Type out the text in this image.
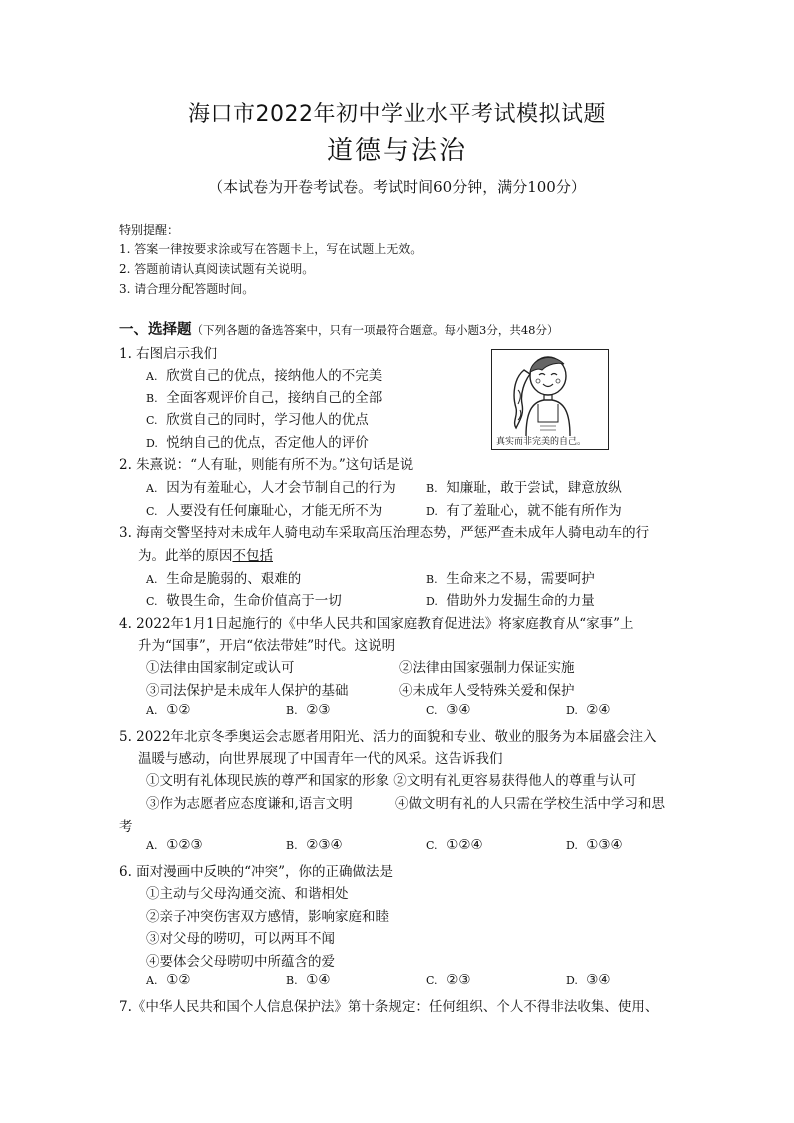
海口市2022年初中学业水平考试模拟试题
道德与法治
（本试卷为开卷考试卷。考试时间60分钟，满分100分）
特别提醒：
1. 答案一律按要求涂或写在答题卡上，写在试题上无效。
2. 答题前请认真阅读试题有关说明。
3. 请合理分配答题时间。
一、选择题（下列各题的备选答案中，只有一项最符合题意。每小题3分，共48分）
真实而非完美的自己。
1. 右图启示我们
A. 欣赏自己的优点，接纳他人的不完美
B. 全面客观评价自己，接纳自己的全部
C. 欣赏自己的同时，学习他人的优点
D. 悦纳自己的优点，否定他人的评价
2. 朱熹说：“人有耻，则能有所不为。”这句话是说
A. 因为有羞耻心，人才会节制自己的行为	B. 知廉耻，敢于尝试，肆意放纵
C. 人要没有任何廉耻心，才能无所不为	D. 有了羞耻心，就不能有所作为
3. 海南交警坚持对未成年人骑电动车采取高压治理态势，严惩严查未成年人骑电动车的行
为。此举的原因不包括
A. 生命是脆弱的、艰难的	B. 生命来之不易，需要呵护
C. 敬畏生命，生命价值高于一切	D. 借助外力发掘生命的力量
4. 2022年1月1日起施行的《中华人民共和国家庭教育促进法》将家庭教育从“家事”上
升为“国事”，开启“依法带娃”时代。这说明
①法律由国家制定或认可	②法律由国家强制力保证实施
③司法保护是未成年人保护的基础	④未成年人受特殊关爱和保护
A. ①②	B. ②③	C. ③④	D. ②④
5. 2022年北京冬季奥运会志愿者用阳光、活力的面貌和专业、敬业的服务为本届盛会注入
温暖与感动，向世界展现了中国青年一代的风采。这告诉我们
①文明有礼体现民族的尊严和国家的形象 ②文明有礼更容易获得他人的尊重与认可
③作为志愿者应态度谦和,语言文明	④做文明有礼的人只需在学校生活中学习和思
考
A. ①②③	B. ②③④	C. ①②④	D. ①③④
6. 面对漫画中反映的“冲突”，你的正确做法是
①主动与父母沟通交流、和谐相处
②亲子冲突伤害双方感情，影响家庭和睦
③对父母的唠叨，可以两耳不闻
④要体会父母唠叨中所蕴含的爱
A. ①②	B. ①④	C. ②③	D. ③④
7.《中华人民共和国个人信息保护法》第十条规定：任何组织、个人不得非法收集、使用、
